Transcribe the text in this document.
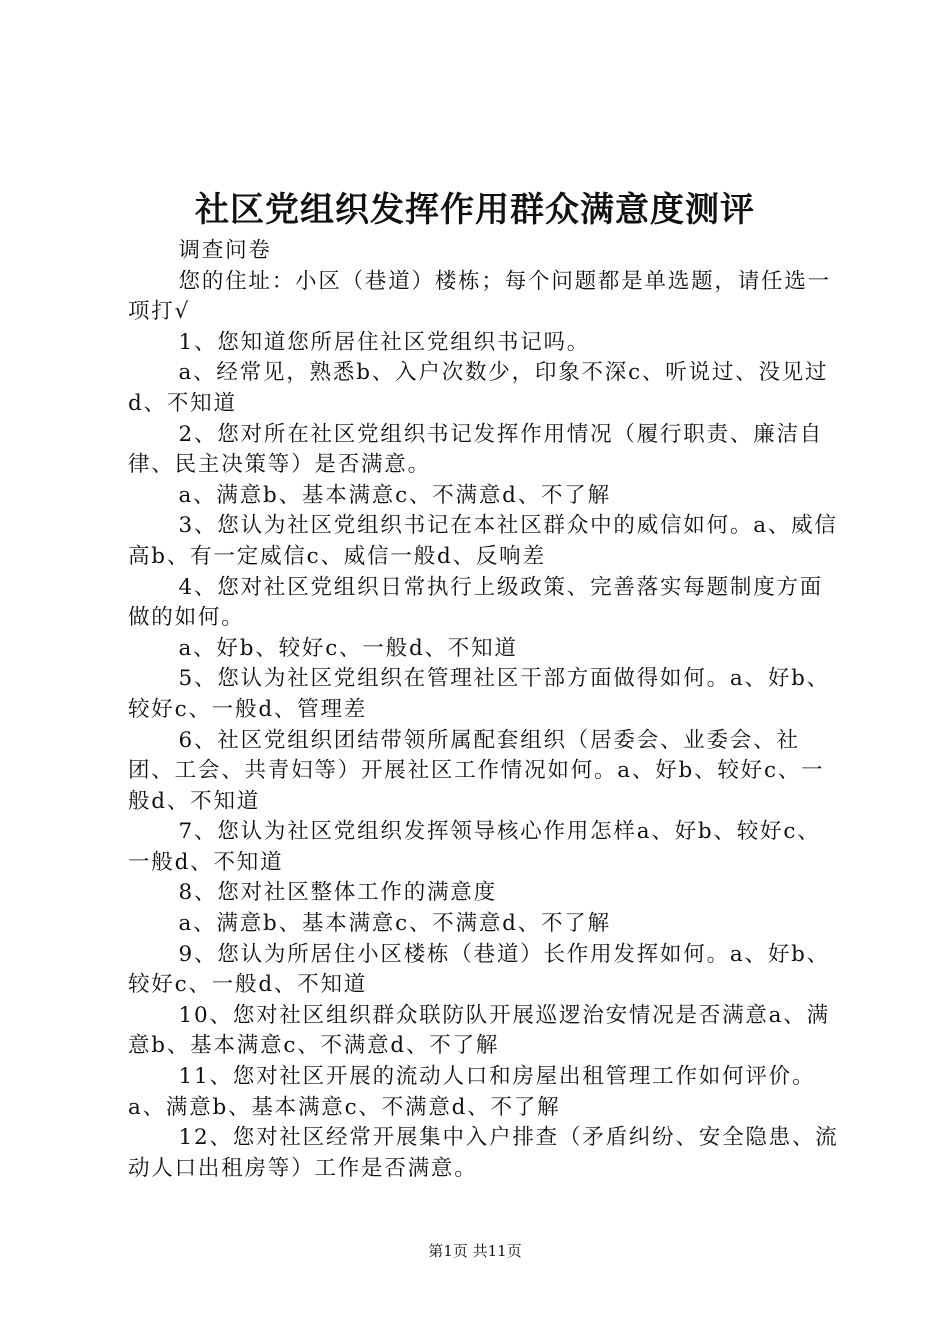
社区党组织发挥作用群众满意度测评

调查问卷

您的住址：小区（巷道）楼栋；每个问题都是单选题，请任选一项打√

1、您知道您所居住社区党组织书记吗。

a、经常见，熟悉b、入户次数少，印象不深c、听说过、没见过d、不知道

2、您对所在社区党组织书记发挥作用情况（履行职责、廉洁自律、民主决策等）是否满意。

a、满意b、基本满意c、不满意d、不了解

3、您认为社区党组织书记在本社区群众中的威信如何。a、威信高b、有一定威信c、威信一般d、反响差

4、您对社区党组织日常执行上级政策、完善落实每题制度方面做的如何。

a、好b、较好c、一般d、不知道

5、您认为社区党组织在管理社区干部方面做得如何。a、好b、较好c、一般d、管理差

6、社区党组织团结带领所属配套组织（居委会、业委会、社团、工会、共青妇等）开展社区工作情况如何。a、好b、较好c、一般d、不知道

7、您认为社区党组织发挥领导核心作用怎样a、好b、较好c、一般d、不知道

8、您对社区整体工作的满意度

a、满意b、基本满意c、不满意d、不了解

9、您认为所居住小区楼栋（巷道）长作用发挥如何。a、好b、较好c、一般d、不知道

10、您对社区组织群众联防队开展巡逻治安情况是否满意a、满意b、基本满意c、不满意d、不了解

11、您对社区开展的流动人口和房屋出租管理工作如何评价。a、满意b、基本满意c、不满意d、不了解

12、您对社区经常开展集中入户排查（矛盾纠纷、安全隐患、流动人口出租房等）工作是否满意。

第1页 共11页
